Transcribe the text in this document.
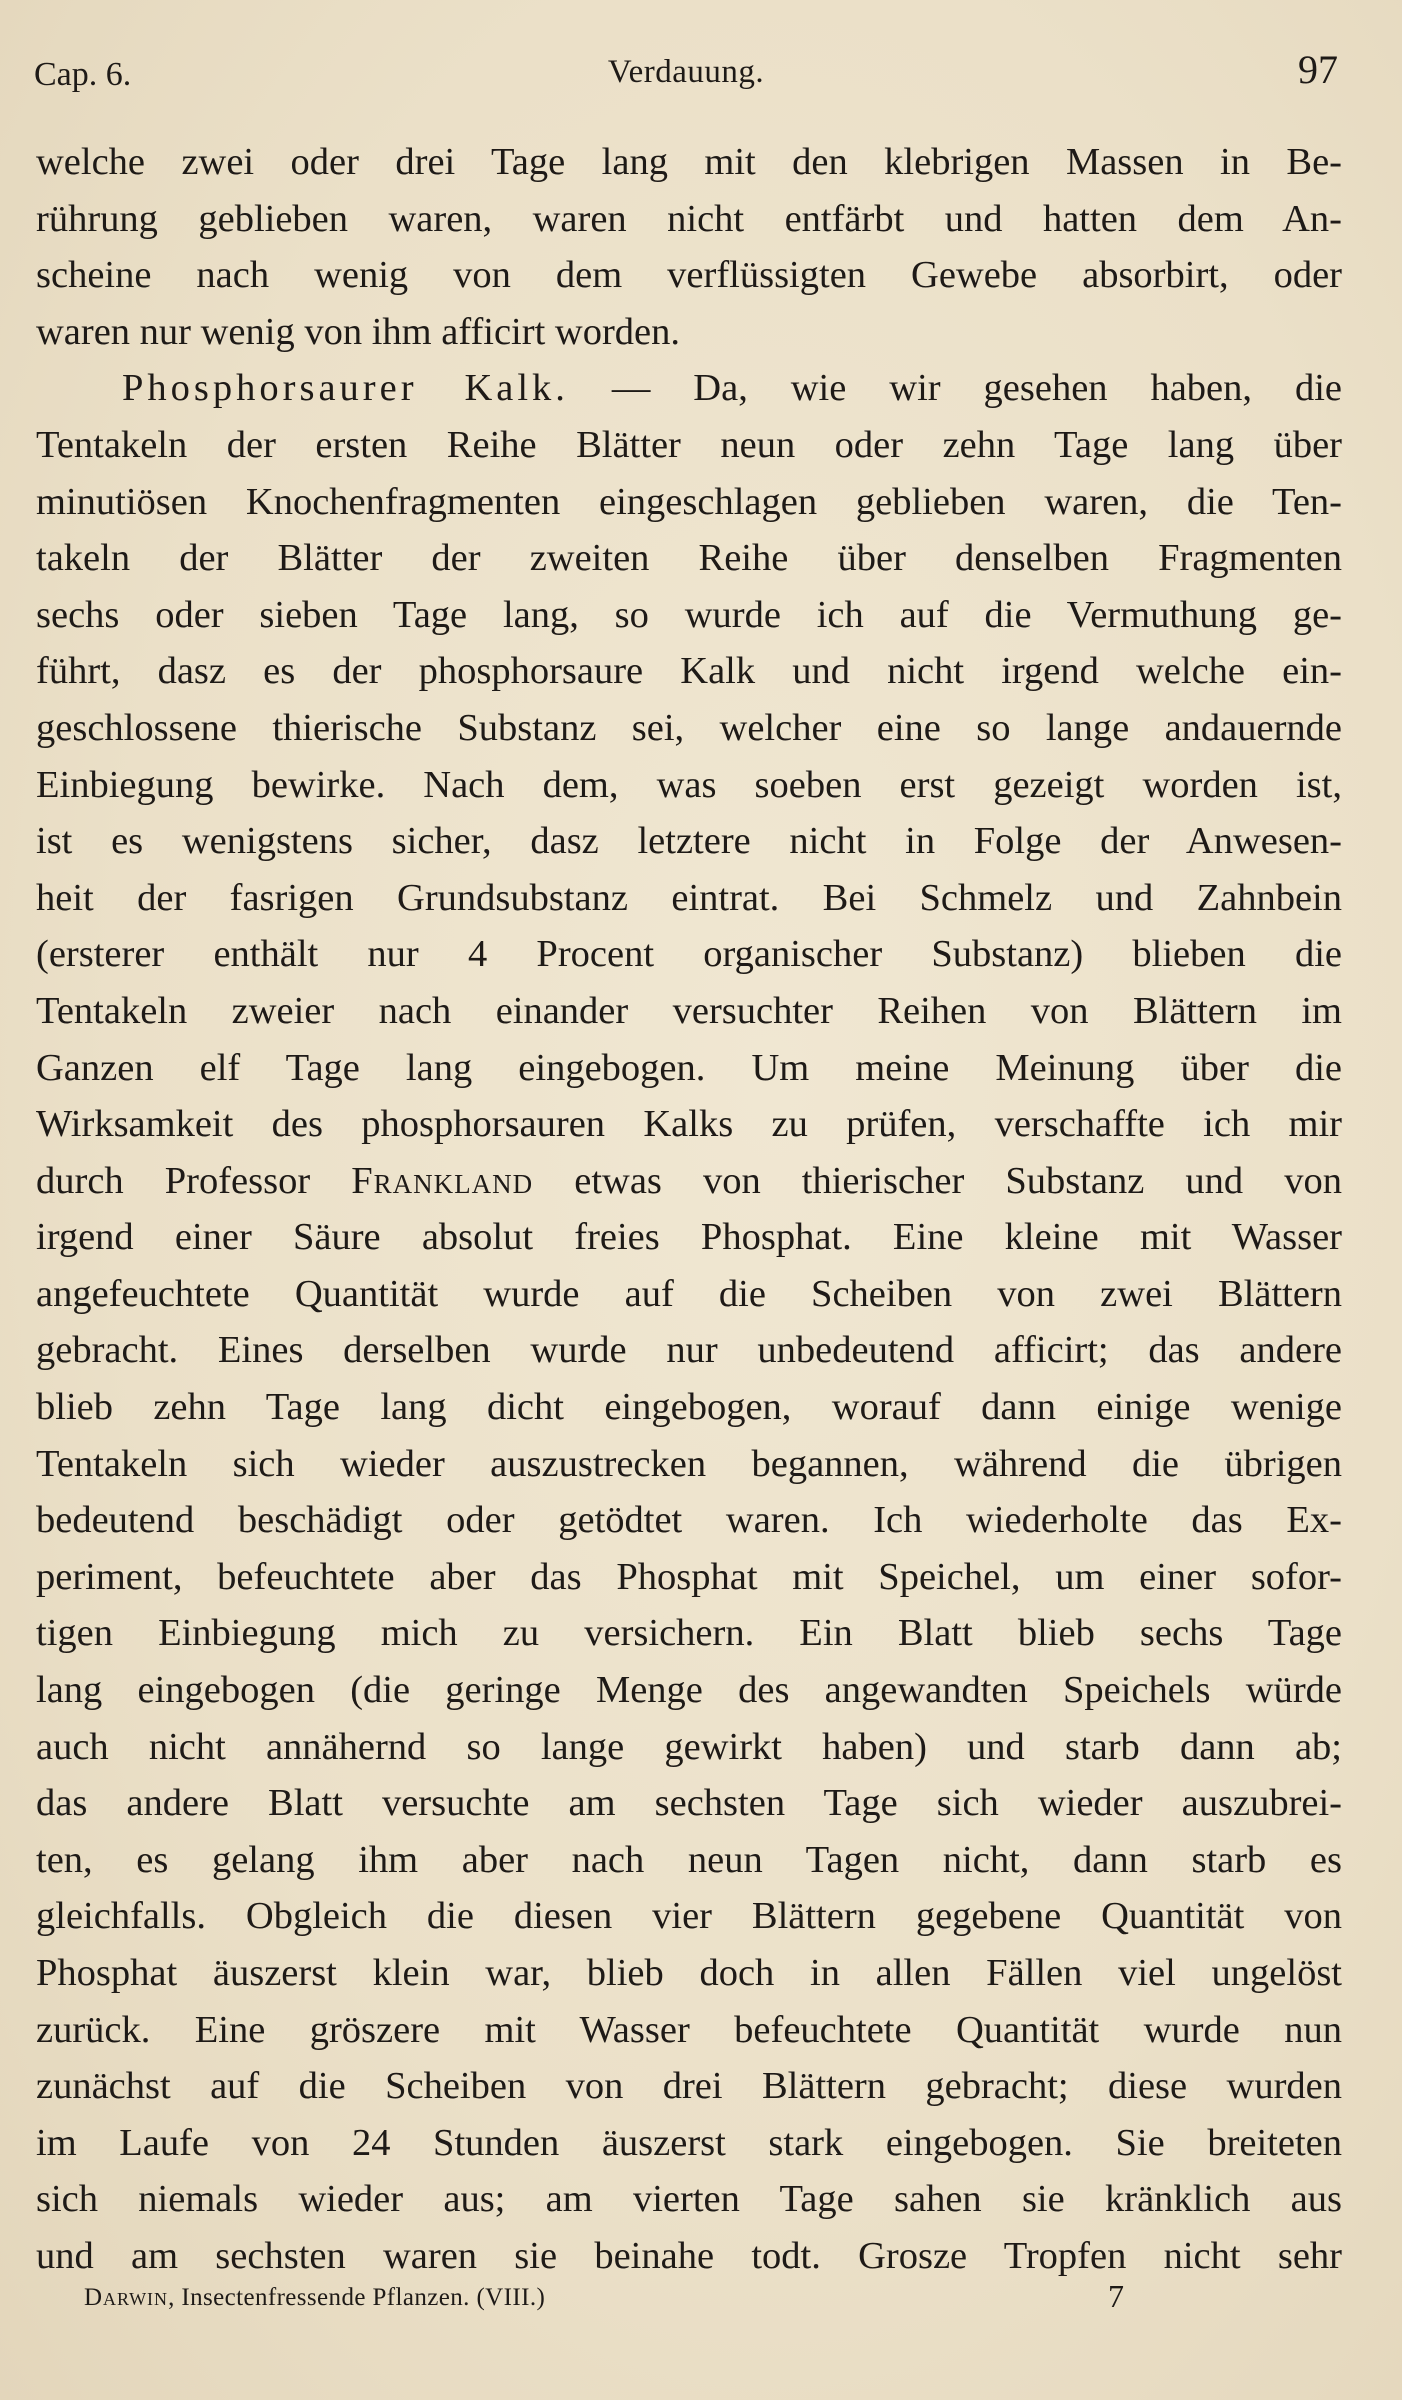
Cap. 6.	Verdauung.	97
welche zwei oder drei Tage lang mit den klebrigen Massen in Be-
rührung geblieben waren, waren nicht entfärbt und hatten dem An-
scheine nach wenig von dem verflüssigten Gewebe absorbirt, oder
waren nur wenig von ihm afficirt worden.
Phosphorsaurer Kalk. — Da, wie wir gesehen haben, die
Tentakeln der ersten Reihe Blätter neun oder zehn Tage lang über
minutiösen Knochenfragmenten eingeschlagen geblieben waren, die Ten-
takeln der Blätter der zweiten Reihe über denselben Fragmenten
sechs oder sieben Tage lang, so wurde ich auf die Vermuthung ge-
führt, dasz es der phosphorsaure Kalk und nicht irgend welche ein-
geschlossene thierische Substanz sei, welcher eine so lange andauernde
Einbiegung bewirke. Nach dem, was soeben erst gezeigt worden ist,
ist es wenigstens sicher, dasz letztere nicht in Folge der Anwesen-
heit der fasrigen Grundsubstanz eintrat. Bei Schmelz und Zahnbein
(ersterer enthält nur 4 Procent organischer Substanz) blieben die
Tentakeln zweier nach einander versuchter Reihen von Blättern im
Ganzen elf Tage lang eingebogen. Um meine Meinung über die
Wirksamkeit des phosphorsauren Kalks zu prüfen, verschaffte ich mir
durch Professor Frankland etwas von thierischer Substanz und von
irgend einer Säure absolut freies Phosphat. Eine kleine mit Wasser
angefeuchtete Quantität wurde auf die Scheiben von zwei Blättern
gebracht. Eines derselben wurde nur unbedeutend afficirt; das andere
blieb zehn Tage lang dicht eingebogen, worauf dann einige wenige
Tentakeln sich wieder auszustrecken begannen, während die übrigen
bedeutend beschädigt oder getödtet waren. Ich wiederholte das Ex-
periment, befeuchtete aber das Phosphat mit Speichel, um einer sofor-
tigen Einbiegung mich zu versichern. Ein Blatt blieb sechs Tage
lang eingebogen (die geringe Menge des angewandten Speichels würde
auch nicht annähernd so lange gewirkt haben) und starb dann ab;
das andere Blatt versuchte am sechsten Tage sich wieder auszubrei-
ten, es gelang ihm aber nach neun Tagen nicht, dann starb es
gleichfalls. Obgleich die diesen vier Blättern gegebene Quantität von
Phosphat äuszerst klein war, blieb doch in allen Fällen viel ungelöst
zurück. Eine gröszere mit Wasser befeuchtete Quantität wurde nun
zunächst auf die Scheiben von drei Blättern gebracht; diese wurden
im Laufe von 24 Stunden äuszerst stark eingebogen. Sie breiteten
sich niemals wieder aus; am vierten Tage sahen sie kränklich aus
und am sechsten waren sie beinahe todt. Grosze Tropfen nicht sehr
Darwin, Insectenfressende Pflanzen. (VIII.)	7
